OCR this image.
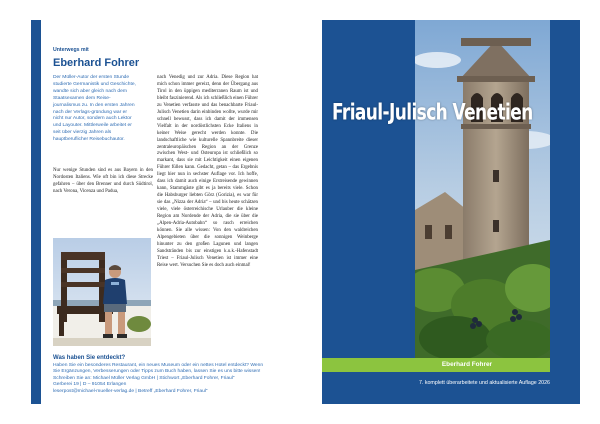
Unterwegs mit
Eberhard Fohrer
Der Müller-Autor der ersten Stunde studierte Germanistik und Geschichte, wandte sich aber gleich nach dem Staatsexamen dem Reise-journalismus zu. In den ersten Jahren nach der Verlags-gründung war er nicht nur Autor, sondern auch Lektor und Layouter. Mittlerweile arbeitet er seit über vierzig Jahren als hauptberuflicher Reisebuchautor.
Nur wenige Stunden sind es aus Bayern in den Nordosten Italiens. Wie oft bin ich diese Strecke gefahren – über den Brenner und durch Südtirol, nach Verona, Vicenza und Padua,
nach Venedig und zur Adria. Diese Region hat mich schon immer gereizt, denn der Übergang aus Tirol in den üppigen mediterranen Raum ist und bleibt faszinierend. Als ich schließlich einen Führer zu Venetien verfasste und das benachbarte Friaul-Julisch Venetien darin einbinden wollte, wurde mir schnell bewusst, dass ich damit der immensen Vielfalt in der nordöstlichsten Ecke Italiens in keiner Weise gerecht werden konnte. Die landschaftliche wie kulturelle Spannbreite dieser zentraleuropäischen Region an der Grenze zwischen West- und Osteuropa ist schließlich so markant, dass sie mit Leichtigkeit einen eigenen Führer füllen kann. Gedacht, getan – das Ergebnis liegt hier nun in sechster Auflage vor. Ich hoffe, dass ich damit auch einige Erstreisende gewinnen kann, Stammgäste gibt es ja bereits viele. Schon die Habsburger liebten Görz (Gorizia), es war für sie das „Nizza der Adria“ – und bis heute schätzen viele, viele österreichische Urlauber die kleine Region am Nordende der Adria, die sie über die „Alpen-Adria-Autobahn“ so rasch erreichen können. Sie alle wissen: Von den waldreichen Alpengebieten über die sonnigen Weinberge hinunter zu den großen Lagunen und langen Sandstränden bis zur einstigen k.u.k.-Hafenstadt Triest – Friaul-Julisch Venetien ist immer eine Reise wert. Versuchen Sie es doch auch einmal!
Was haben Sie entdeckt?
Haben Sie ein besonderes Restaurant, ein neues Museum oder ein nettes Hotel entdeckt? Wenn Sie Ergänzungen, Verbesserungen oder Tipps zum Buch haben, lassen Sie es uns bitte wissen!
Schreiben Sie an: Michael Müller Verlag GmbH | Stichwort „Eberhard Fohrer, Friaul“
Gerberei 19 | D – 91054 Erlangen
leserpost@michael-mueller-verlag.de | Betreff „Eberhard Fohrer, Friaul“
Friaul-Julisch Venetien
Eberhard Fohrer
7. komplett überarbeitete und aktualisierte Auflage 2026
